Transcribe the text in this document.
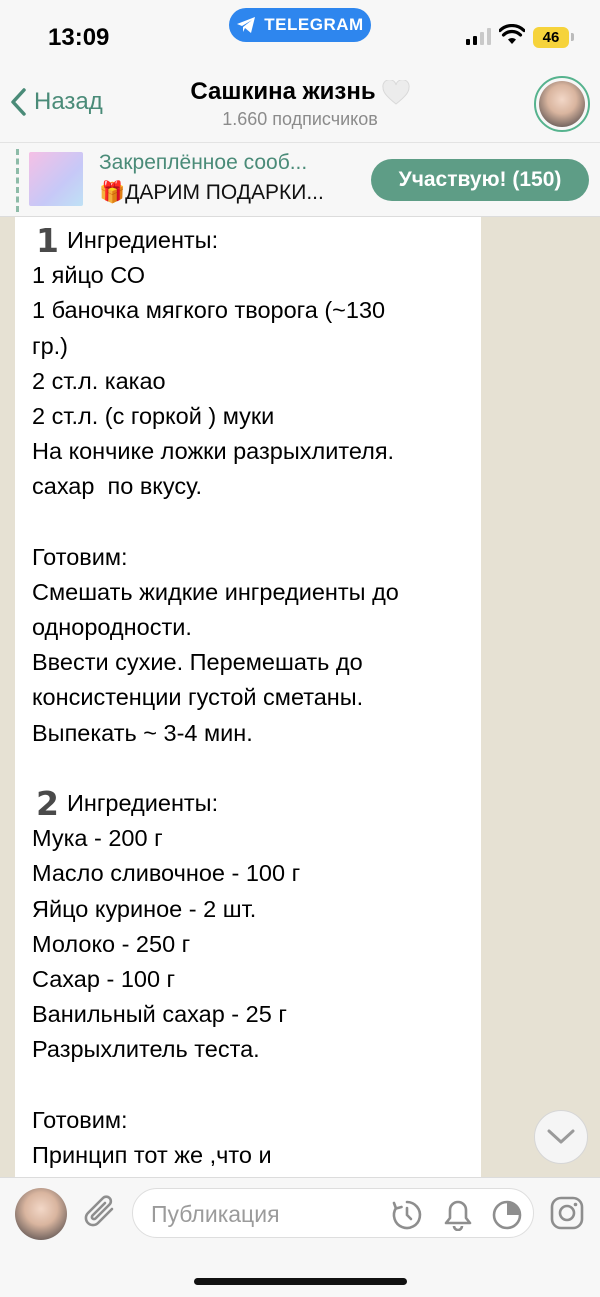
13:09	TELEGRAM
46
Назад	Сашкина жизнь
1.660 подписчиков
Закреплённое сооб...
🎁ДАРИМ ПОДАРКИ...
Участвую! (150)
1 Ингредиенты:
1 яйцо СО
1 баночка мягкого творога (~130
гр.)
2 ст.л. какао
2 ст.л. (с горкой ) муки
На кончике ложки разрыхлителя.
сахар  по вкусу.
Готовим:
Смешать жидкие ингредиенты до
однородности.
Ввести сухие. Перемешать до
консистенции густой сметаны.
Выпекать ~ 3-4 мин.
2 Ингредиенты:
Мука - 200 г
Масло сливочное - 100 г
Яйцо куриное - 2 шт.
Молоко - 250 г
Сахар - 100 г
Ванильный сахар - 25 г
Разрыхлитель теста.
Готовим:
Принцип тот же ,что и
Публикация
